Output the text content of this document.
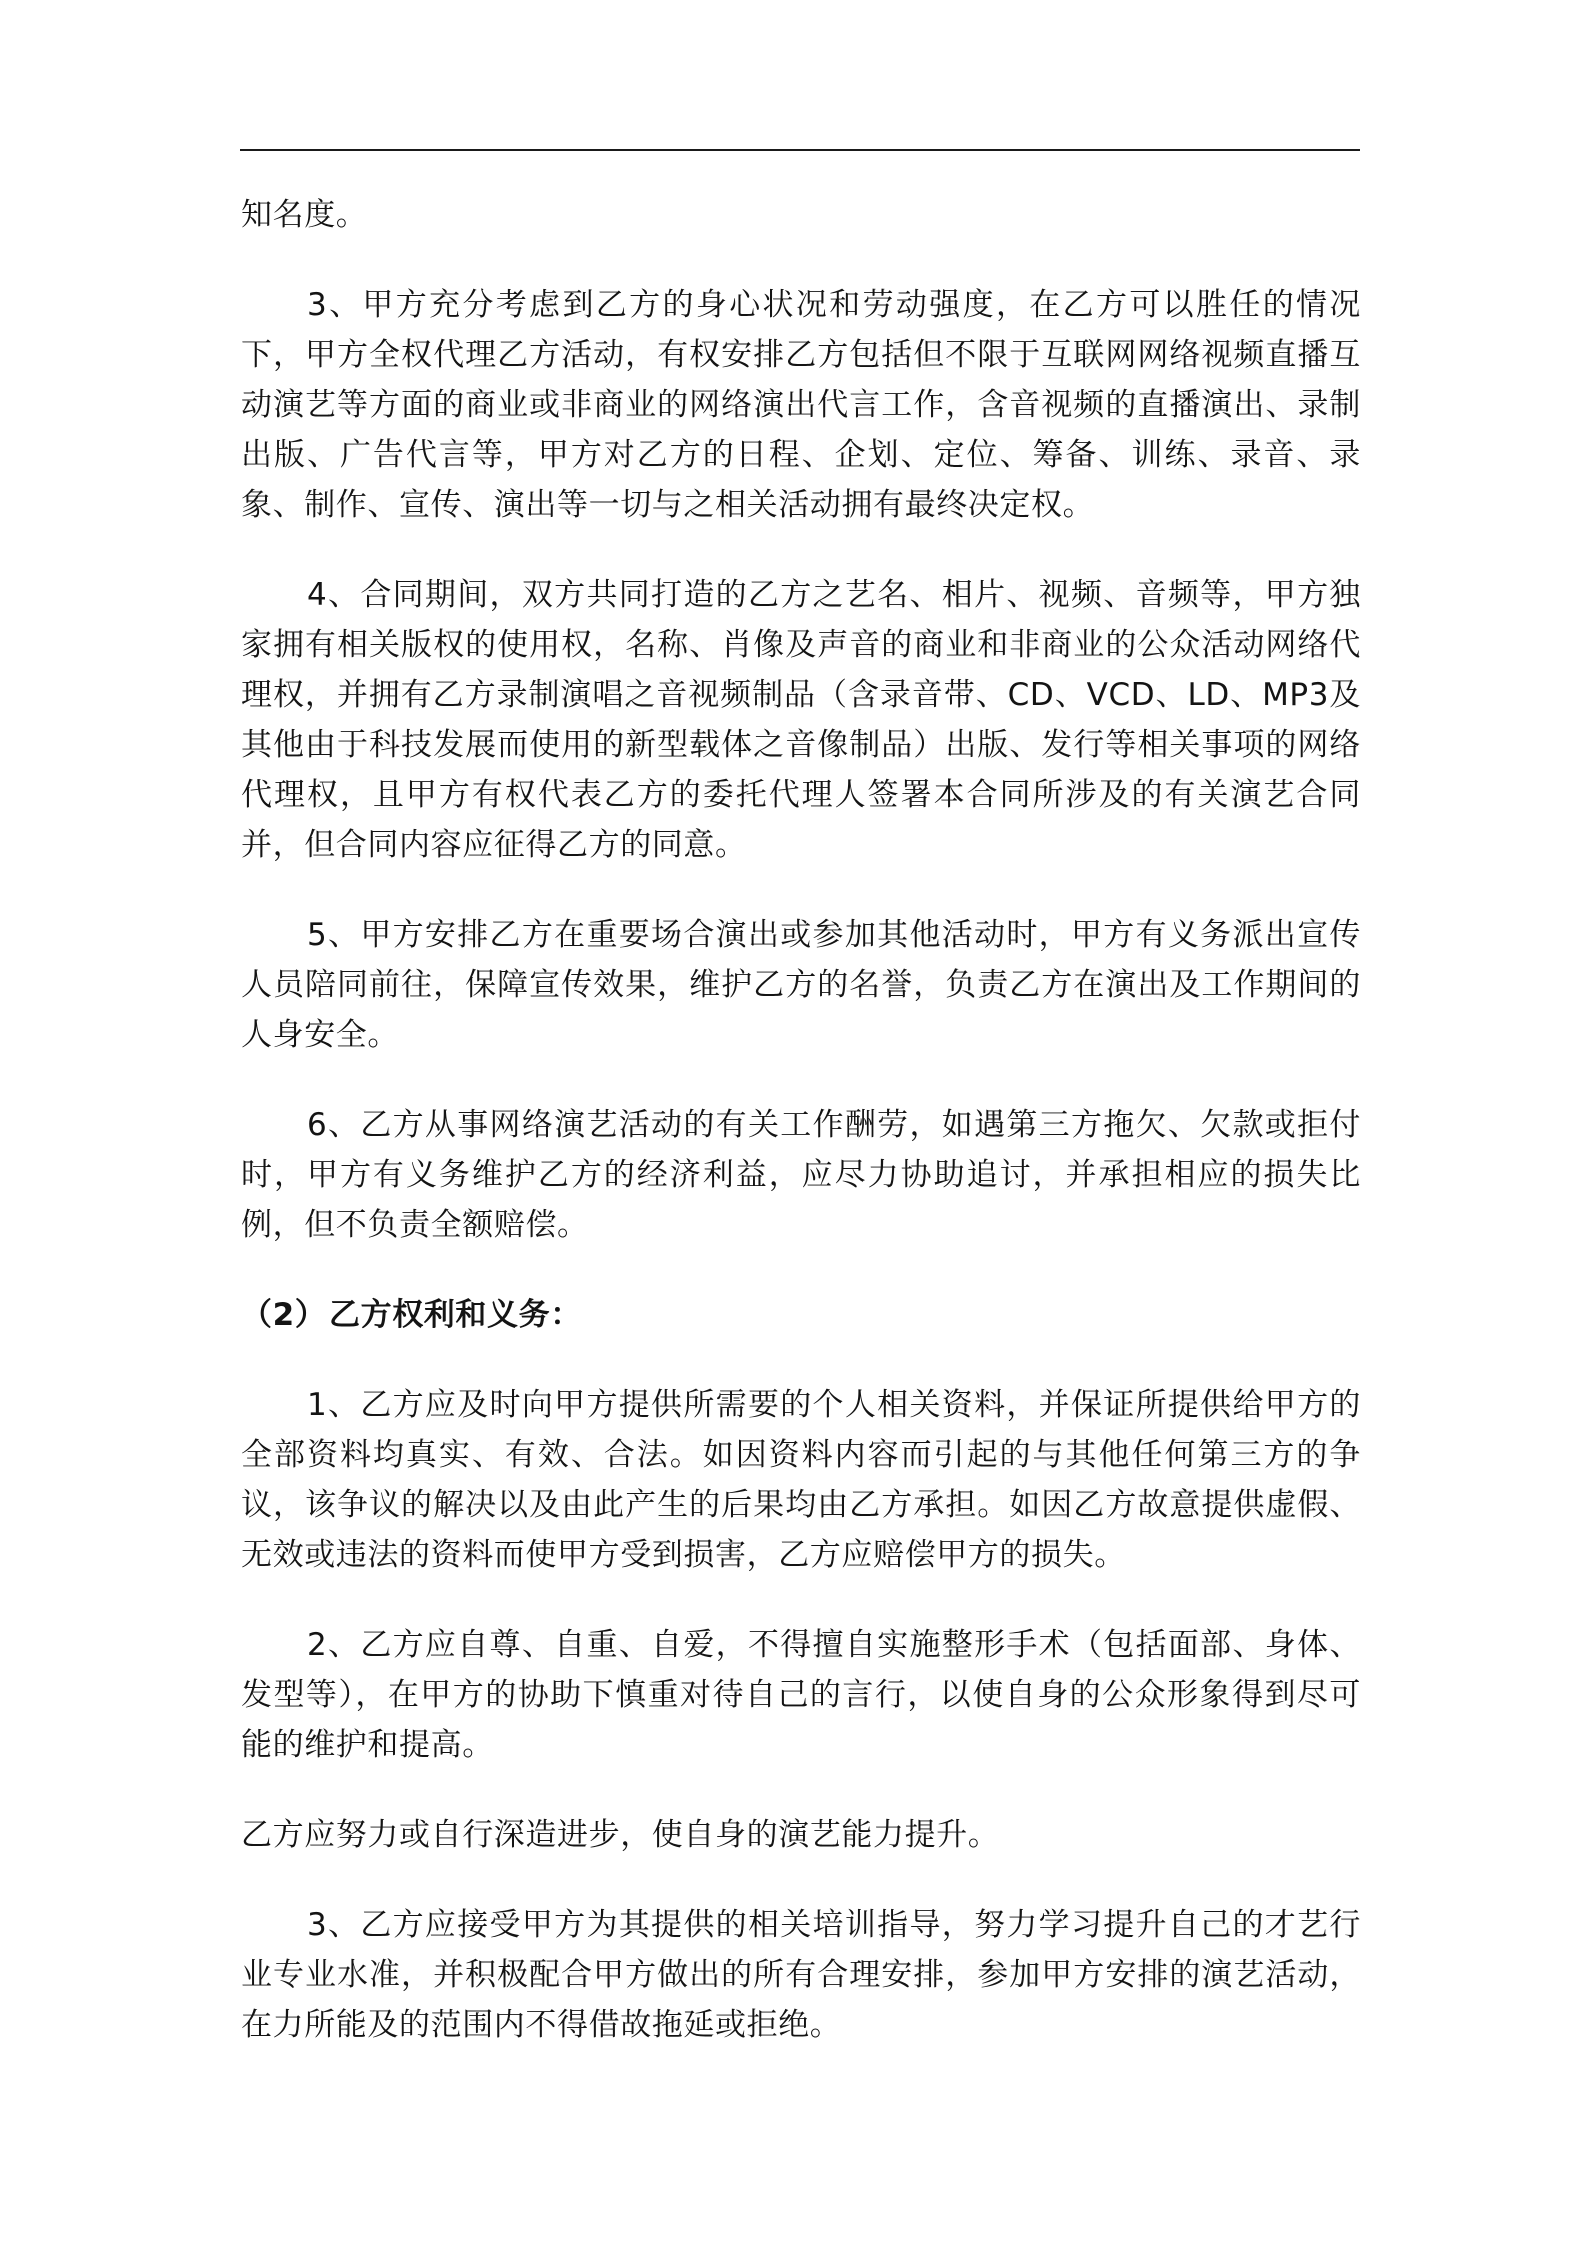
知名度。

3、甲方充分考虑到乙方的身心状况和劳动强度，在乙方可以胜任的情况下，甲方全权代理乙方活动，有权安排乙方包括但不限于互联网网络视频直播互动演艺等方面的商业或非商业的网络演出代言工作，含音视频的直播演出、录制出版、广告代言等，甲方对乙方的日程、企划、定位、筹备、训练、录音、录象、制作、宣传、演出等一切与之相关活动拥有最终决定权。

4、合同期间，双方共同打造的乙方之艺名、相片、视频、音频等，甲方独家拥有相关版权的使用权，名称、肖像及声音的商业和非商业的公众活动网络代理权，并拥有乙方录制演唱之音视频制品（含录音带、CD、VCD、LD、MP3及其他由于科技发展而使用的新型载体之音像制品）出版、发行等相关事项的网络代理权，且甲方有权代表乙方的委托代理人签署本合同所涉及的有关演艺合同并，但合同内容应征得乙方的同意。

5、甲方安排乙方在重要场合演出或参加其他活动时，甲方有义务派出宣传人员陪同前往，保障宣传效果，维护乙方的名誉，负责乙方在演出及工作期间的人身安全。

6、乙方从事网络演艺活动的有关工作酬劳，如遇第三方拖欠、欠款或拒付时，甲方有义务维护乙方的经济利益，应尽力协助追讨，并承担相应的损失比例，但不负责全额赔偿。

（2）乙方权利和义务：

1、乙方应及时向甲方提供所需要的个人相关资料，并保证所提供给甲方的全部资料均真实、有效、合法。如因资料内容而引起的与其他任何第三方的争议，该争议的解决以及由此产生的后果均由乙方承担。如因乙方故意提供虚假、无效或违法的资料而使甲方受到损害，乙方应赔偿甲方的损失。

2、乙方应自尊、自重、自爱，不得擅自实施整形手术（包括面部、身体、发型等），在甲方的协助下慎重对待自己的言行，以使自身的公众形象得到尽可能的维护和提高。

乙方应努力或自行深造进步，使自身的演艺能力提升。

3、乙方应接受甲方为其提供的相关培训指导，努力学习提升自己的才艺行业专业水准，并积极配合甲方做出的所有合理安排，参加甲方安排的演艺活动，在力所能及的范围内不得借故拖延或拒绝。
